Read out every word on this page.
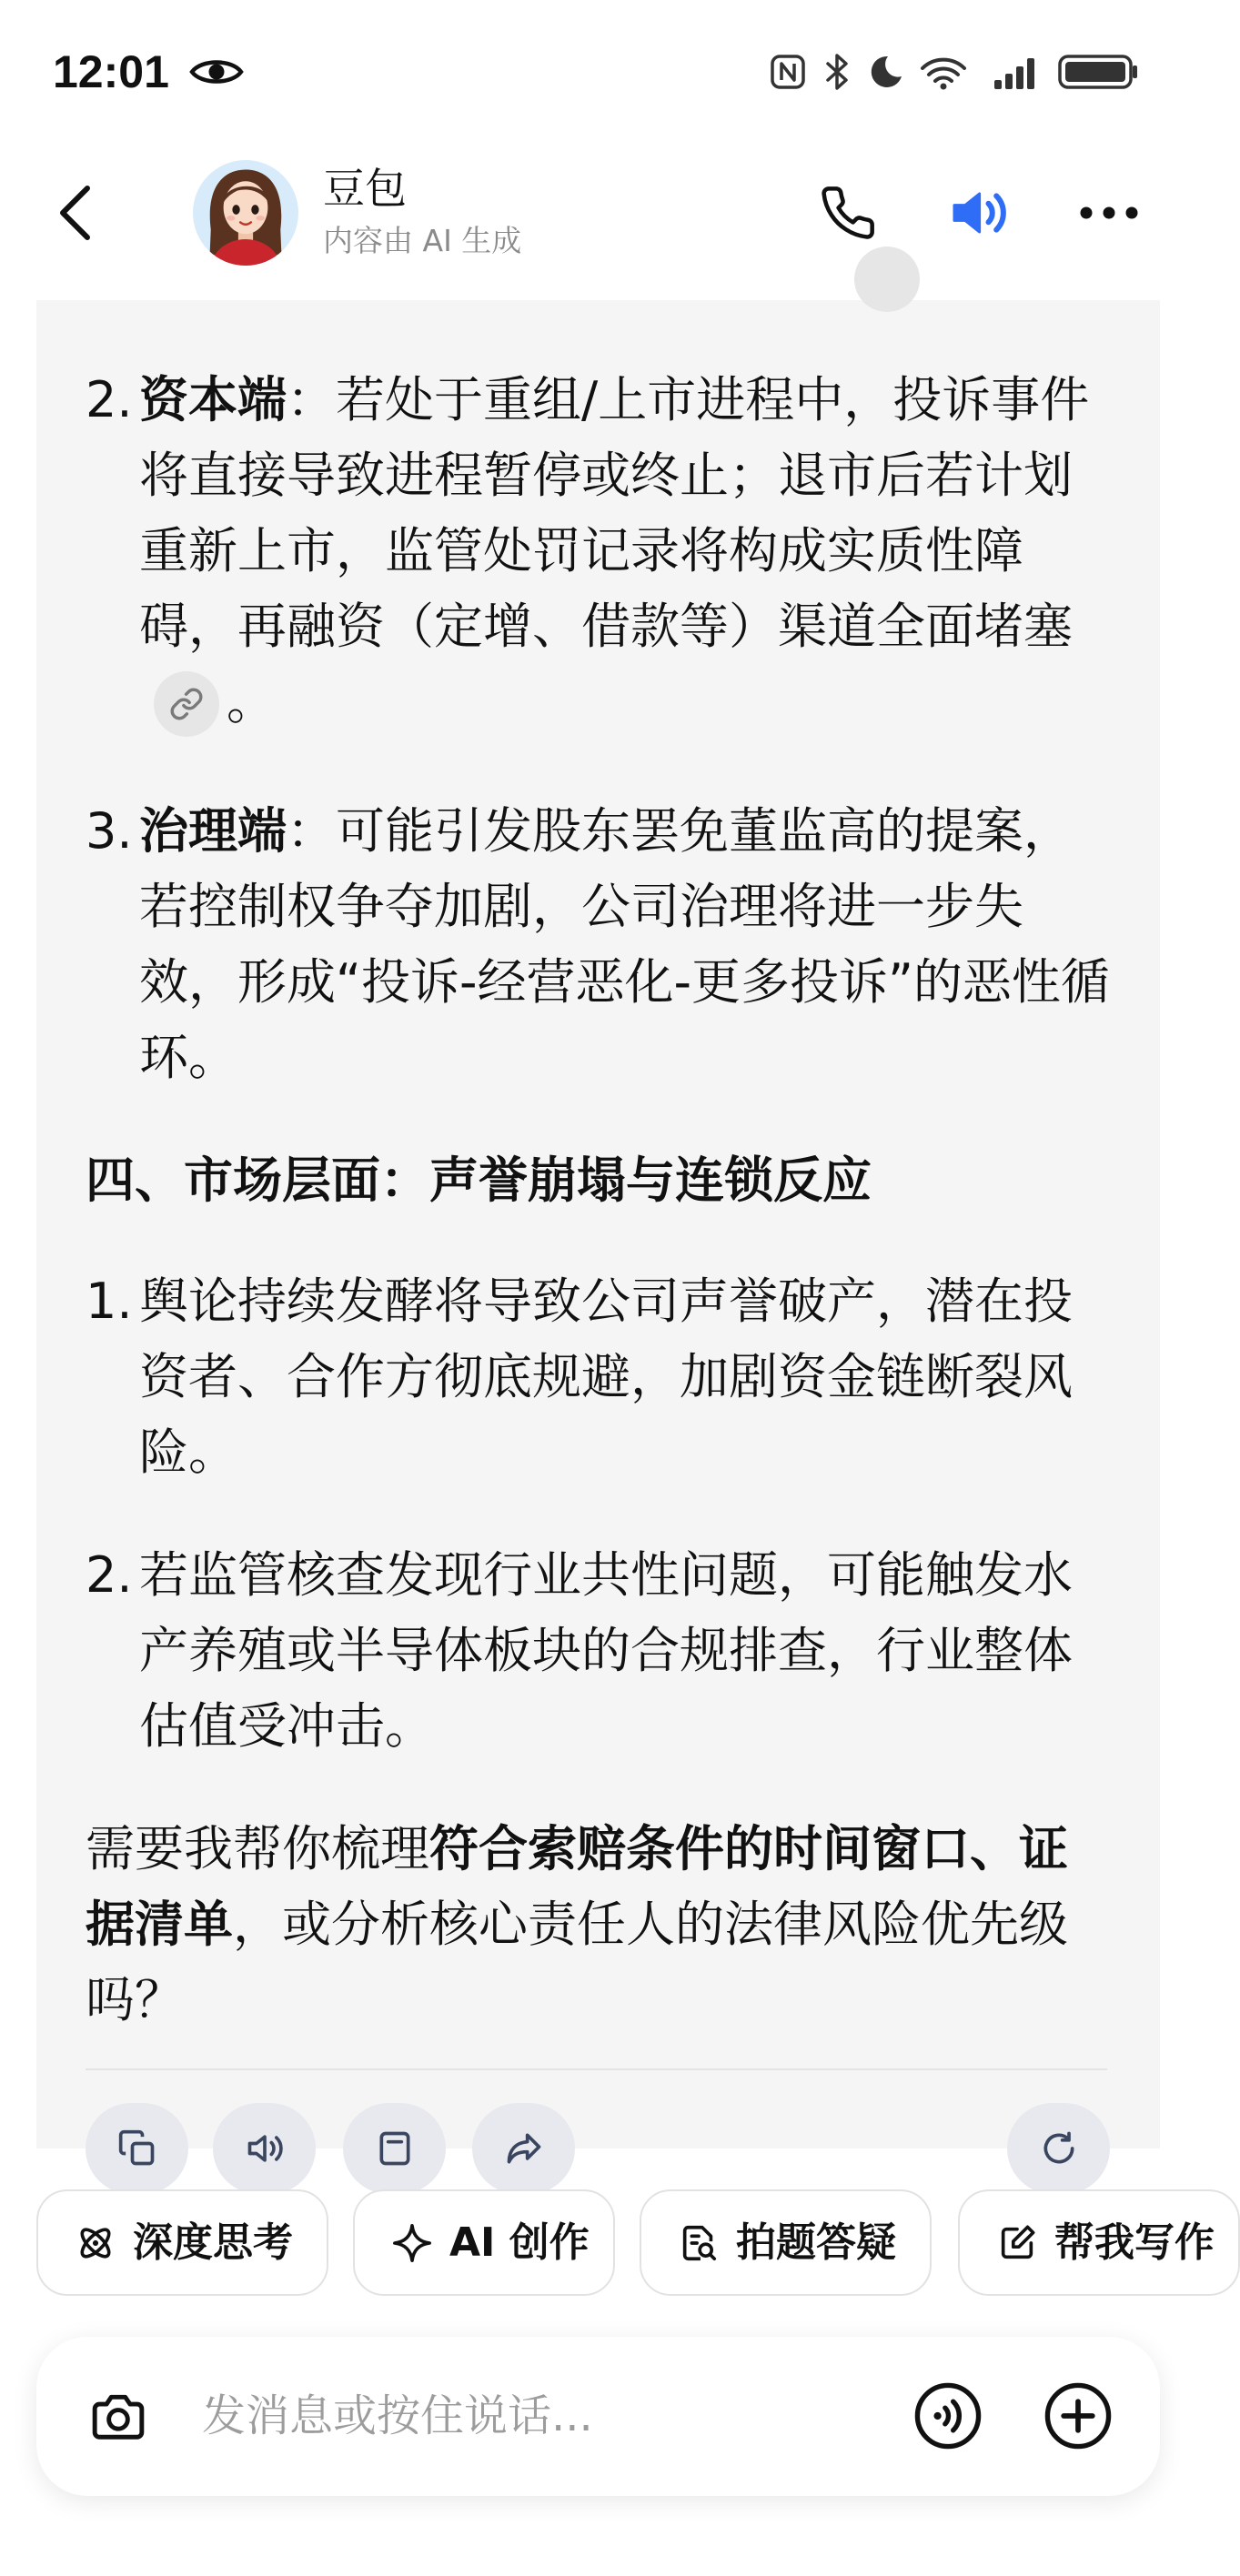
12:01
豆包
内容由 AI 生成
2. 资本端：若处于重组/上市进程中，投诉事件将直接导致进程暂停或终止；退市后若计划重新上市，监管处罚记录将构成实质性障碍，再融资（定增、借款等）渠道全面堵塞
。
3. 治理端：可能引发股东罢免董监高的提案，若控制权争夺加剧，公司治理将进一步失效，形成“投诉-经营恶化-更多投诉”的恶性循环。
四、市场层面：声誉崩塌与连锁反应
1. 舆论持续发酵将导致公司声誉破产，潜在投资者、合作方彻底规避，加剧资金链断裂风险。
2. 若监管核查发现行业共性问题，可能触发水产养殖或半导体板块的合规排查，行业整体估值受冲击。
需要我帮你梳理符合索赔条件的时间窗口、证据清单，或分析核心责任人的法律风险优先级吗？
深度思考	AI 创作	拍题答疑	帮我写作
发消息或按住说话...
